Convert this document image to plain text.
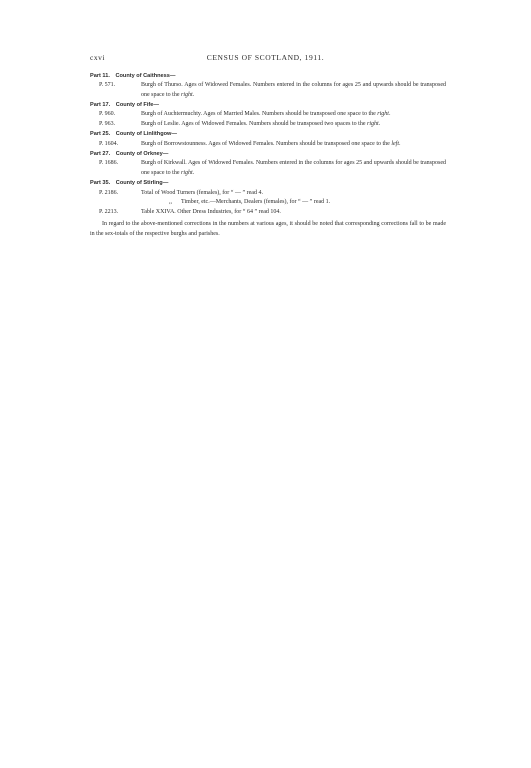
cxvi	CENSUS OF SCOTLAND, 1911.
Part 11. County of Caithness—
P. 571.	Burgh of Thurso. Ages of Widowed Females. Numbers entered in the columns for ages 25 and upwards should be transposed one space to the right.
Part 17. County of Fife—
P. 960.	Burgh of Auchtermuchty. Ages of Married Males. Numbers should be transposed one space to the right.
P. 963.	Burgh of Leslie. Ages of Widowed Females. Numbers should be transposed two spaces to the right.
Part 25. County of Linlithgow—
P. 1604.	Burgh of Borrowstounness. Ages of Widowed Females. Numbers should be transposed one space to the left.
Part 27. County of Orkney—
P. 1686.	Burgh of Kirkwall. Ages of Widowed Females. Numbers entered in the columns for ages 25 and upwards should be transposed one space to the right.
Part 35. County of Stirling—
P. 2186.	Total of Wood Turners (females), for “ — ” read 4.
,, Timber, etc.—Merchants, Dealers (females), for “ — ” read 1.
P. 2213.	Table XXIVA. Other Dress Industries, for “ 64 ” read 104.
In regard to the above-mentioned corrections in the numbers at various ages, it should be noted that corresponding corrections fall to be made in the sex-totals of the respective burghs and parishes.
